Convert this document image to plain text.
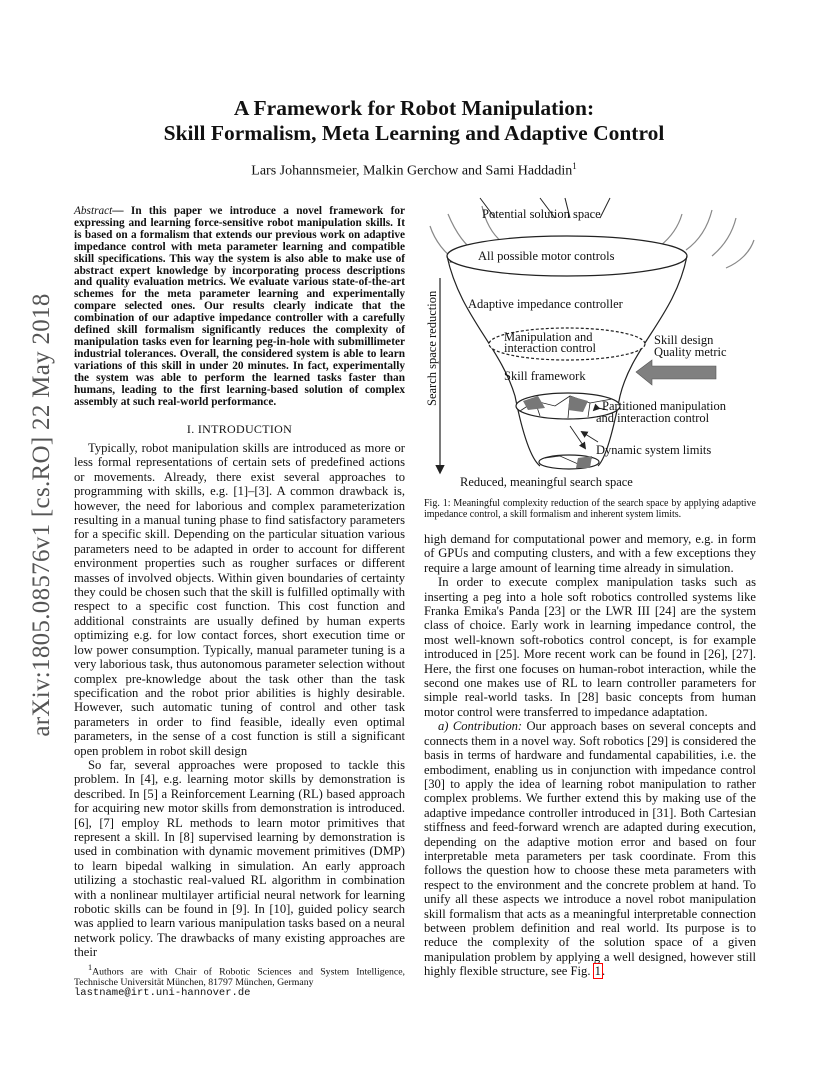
arXiv:1805.08576v1 [cs.RO] 22 May 2018
A Framework for Robot Manipulation:
Skill Formalism, Meta Learning and Adaptive Control
Lars Johannsmeier, Malkin Gerchow and Sami Haddadin$^1$
Abstract— In this paper we introduce a novel framework for expressing and learning force-sensitive robot manipulation skills. It is based on a formalism that extends our previous work on adaptive impedance control with meta parameter learning and compatible skill specifications. This way the system is also able to make use of abstract expert knowledge by incorporating process descriptions and quality evaluation metrics. We evaluate various state-of-the-art schemes for the meta parameter learning and experimentally compare selected ones. Our results clearly indicate that the combination of our adaptive impedance controller with a carefully defined skill formalism significantly reduces the complexity of manipulation tasks even for learning peg-in-hole with submillimeter industrial tolerances. Overall, the considered system is able to learn variations of this skill in under 20 minutes. In fact, experimentally the system was able to perform the learned tasks faster than humans, leading to the first learning-based solution of complex assembly at such real-world performance.
I. INTRODUCTION

Typically, robot manipulation skills are introduced as more or less formal representations of certain sets of predefined actions or movements. Already, there exist several approaches to programming with skills, e.g. [1]–[3]. A common drawback is, however, the need for laborious and complex parameterization resulting in a manual tuning phase to find satisfactory parameters for a specific skill. Depending on the particular situation various parameters need to be adapted in order to account for different environment properties such as rougher surfaces or different masses of involved objects. Within given boundaries of certainty they could be chosen such that the skill is fulfilled optimally with respect to a specific cost function. This cost function and additional constraints are usually defined by human experts optimizing e.g. for low contact forces, short execution time or low power consumption. Typically, manual parameter tuning is a very laborious task, thus autonomous parameter selection without complex pre-knowledge about the task other than the task specification and the robot prior abilities is highly desirable. However, such automatic tuning of control and other task parameters in order to find feasible, ideally even optimal parameters, in the sense of a cost function is still a significant open problem in robot skill design

So far, several approaches were proposed to tackle this problem. In [4], e.g. learning motor skills by demonstration is described. In [5] a Reinforcement Learning (RL) based approach for acquiring new motor skills from demonstration is introduced. [6], [7] employ RL methods to learn motor primitives that represent a skill. In [8] supervised learning by demonstration is used in combination with dynamic movement primitives (DMP) to learn bipedal walking in simulation. An early approach utilizing a stochastic real-valued RL algorithm in combination with a nonlinear multilayer artificial neural network for learning robotic skills can be found in [9]. In [10], guided policy search was applied to learn various manipulation tasks based on a neural network policy. The drawbacks of many existing approaches are their

$^1$Authors are with Chair of Robotic Sciences and System Intelligence, Technische Universität München, 81797 München, Germany
lastname@irt.uni-hannover.de
Potential solution space
All possible motor controls
Adaptive impedance controller
Manipulation and
interaction control
Skill framework
Skill design
Quality metric
Partitioned manipulation
and interaction control
Dynamic system limits
Reduced, meaningful search space
Search space reduction
Fig. 1: Meaningful complexity reduction of the search space by applying adaptive impedance control, a skill formalism and inherent system limits.

high demand for computational power and memory, e.g. in form of GPUs and computing clusters, and with a few exceptions they require a large amount of learning time already in simulation.

In order to execute complex manipulation tasks such as inserting a peg into a hole soft robotics controlled systems like Franka Emika's Panda [23] or the LWR III [24] are the system class of choice. Early work in learning impedance control, the most well-known soft-robotics control concept, is for example introduced in [25]. More recent work can be found in [26], [27]. Here, the first one focuses on human-robot interaction, while the second one makes use of RL to learn controller parameters for simple real-world tasks. In [28] basic concepts from human motor control were transferred to impedance adaptation.

a) Contribution: Our approach bases on several concepts and connects them in a novel way. Soft robotics [29] is considered the basis in terms of hardware and fundamental capabilities, i.e. the embodiment, enabling us in conjunction with impedance control [30] to apply the idea of learning robot manipulation to rather complex problems. We further extend this by making use of the adaptive impedance controller introduced in [31]. Both Cartesian stiffness and feed-forward wrench are adapted during execution, depending on the adaptive motion error and based on four interpretable meta parameters per task coordinate. From this follows the question how to choose these meta parameters with respect to the environment and the concrete problem at hand. To unify all these aspects we introduce a novel robot manipulation skill formalism that acts as a meaningful interpretable connection between problem definition and real world. Its purpose is to reduce the complexity of the solution space of a given manipulation problem by applying a well designed, however still highly flexible structure, see Fig. 1.
